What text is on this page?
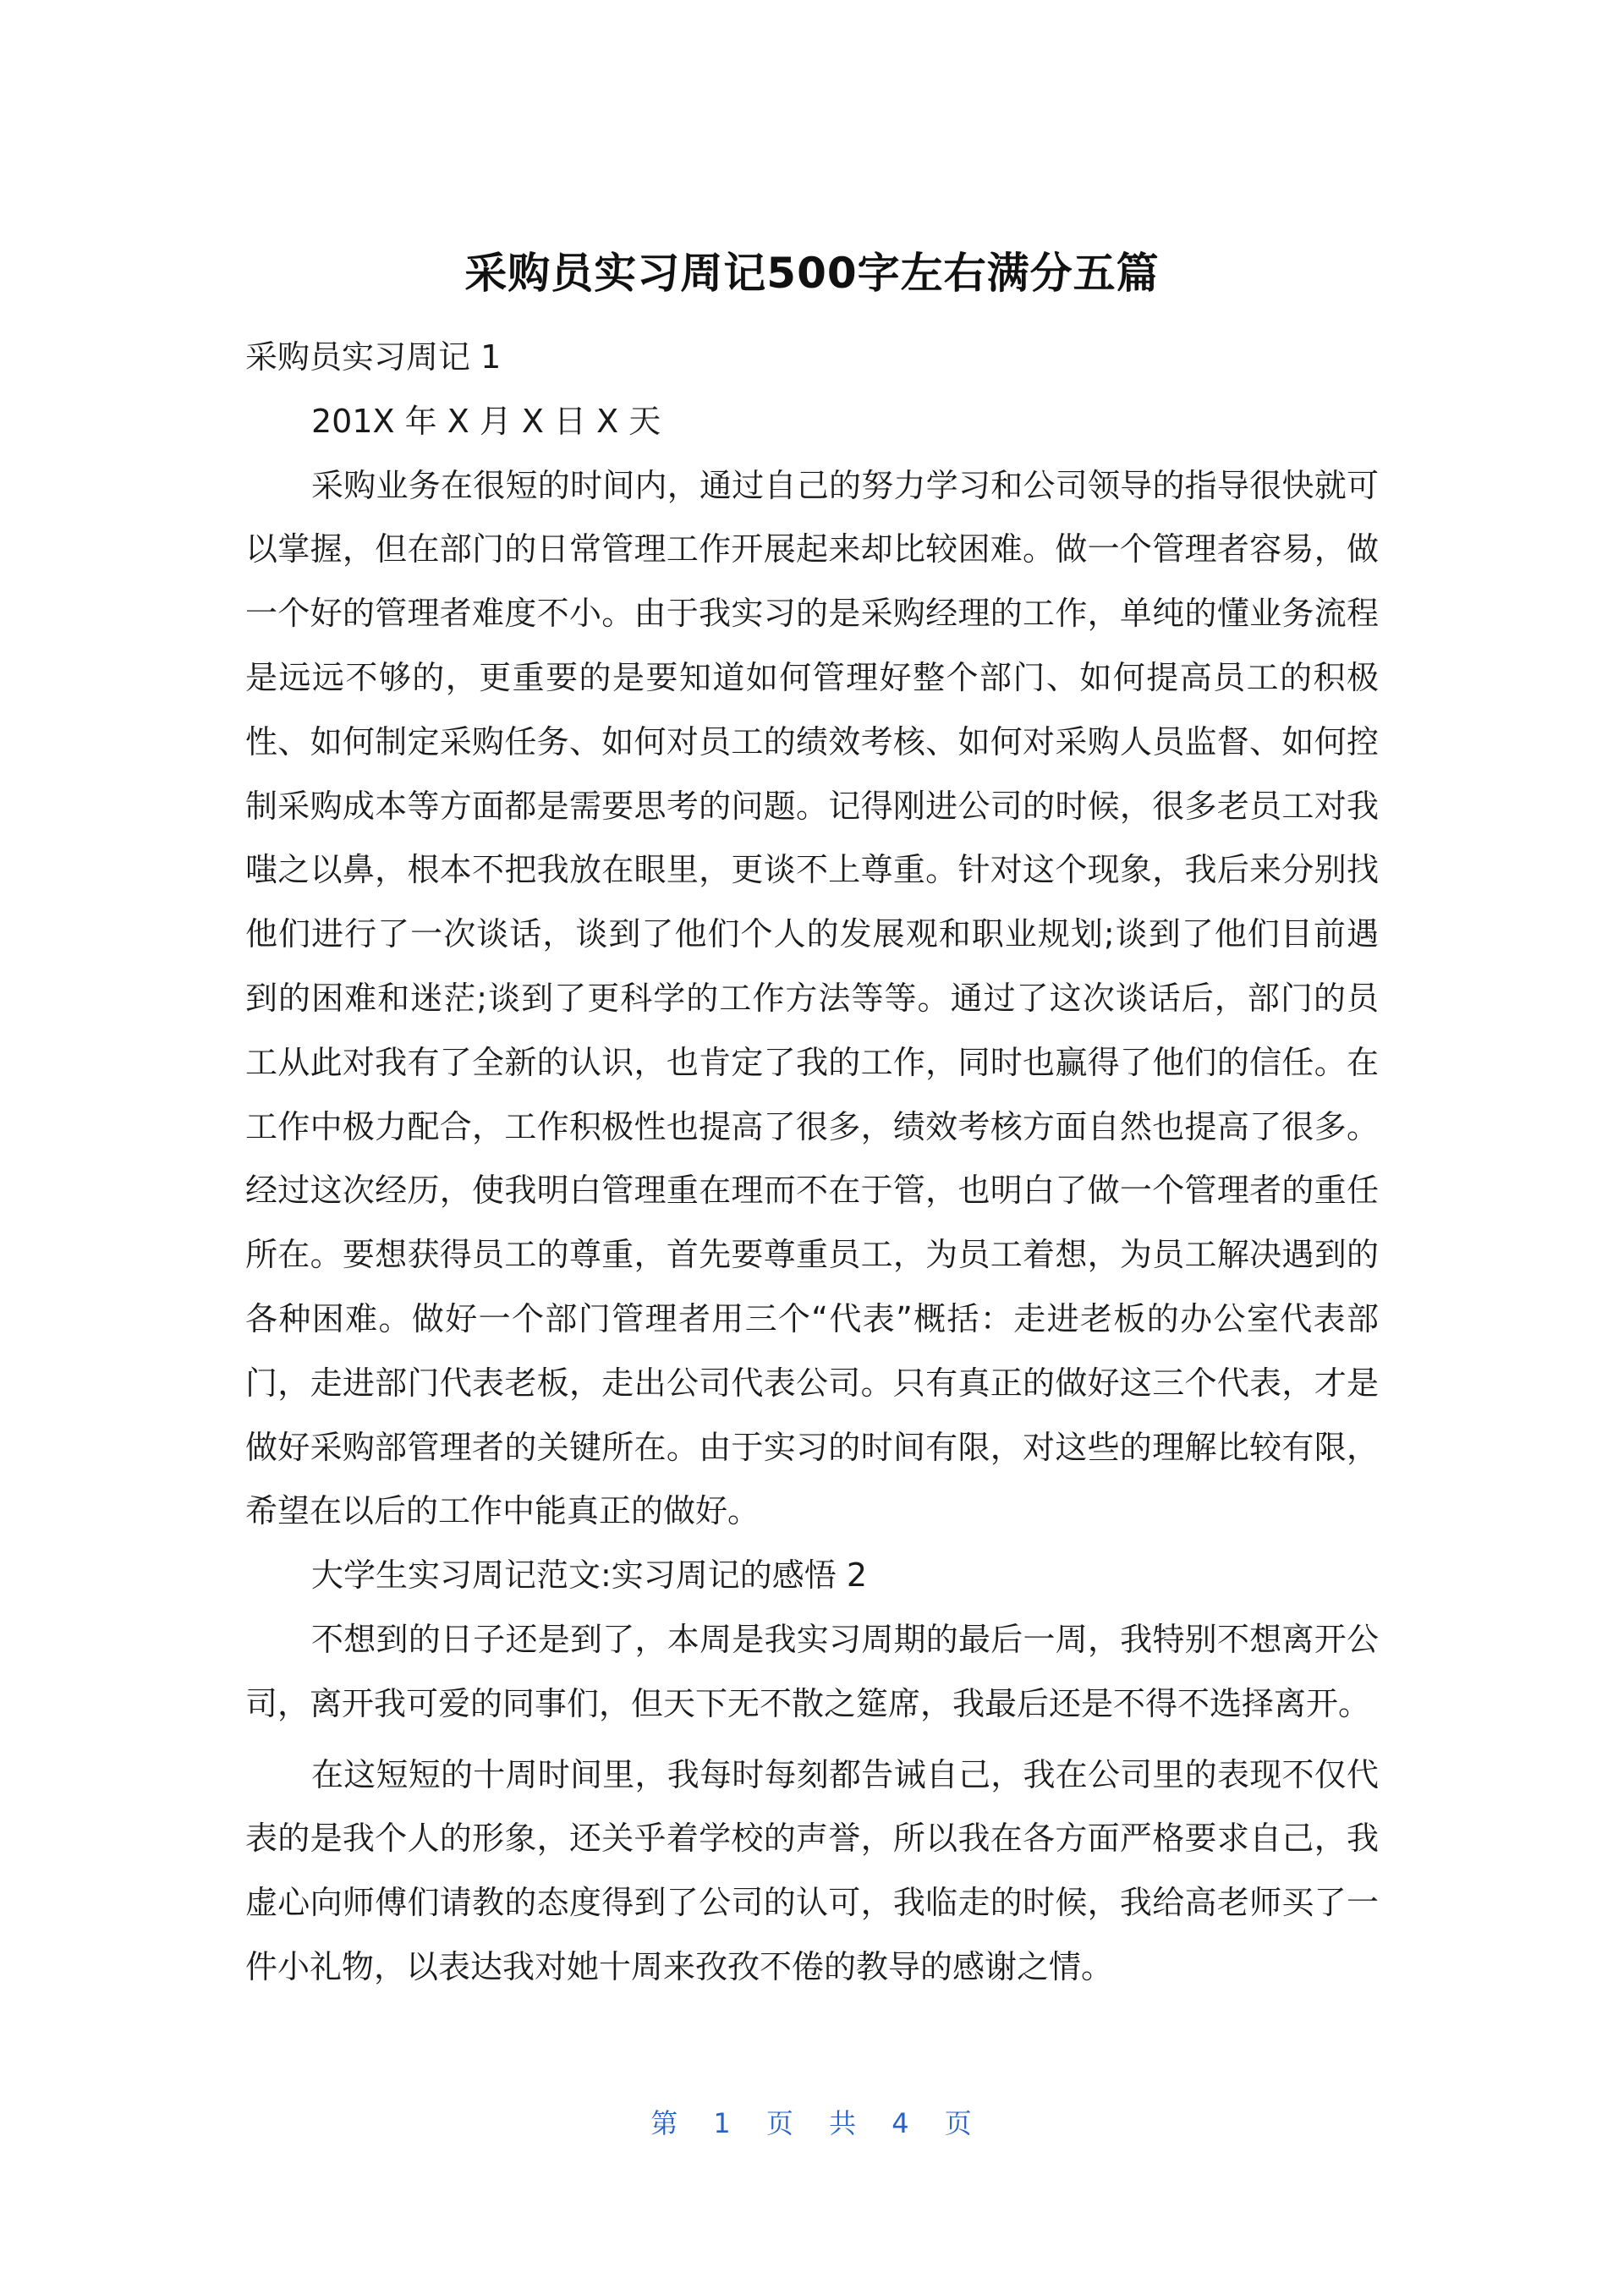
采购员实习周记500字左右满分五篇

采购员实习周记 1

201X 年 X 月 X 日 X 天

采购业务在很短的时间内，通过自己的努力学习和公司领导的指导很快就可以掌握，但在部门的日常管理工作开展起来却比较困难。做一个管理者容易，做一个好的管理者难度不小。由于我实习的是采购经理的工作，单纯的懂业务流程是远远不够的，更重要的是要知道如何管理好整个部门、如何提高员工的积极性、如何制定采购任务、如何对员工的绩效考核、如何对采购人员监督、如何控制采购成本等方面都是需要思考的问题。记得刚进公司的时候，很多老员工对我嗤之以鼻，根本不把我放在眼里，更谈不上尊重。针对这个现象，我后来分别找他们进行了一次谈话，谈到了他们个人的发展观和职业规划;谈到了他们目前遇到的困难和迷茫;谈到了更科学的工作方法等等。通过了这次谈话后，部门的员工从此对我有了全新的认识，也肯定了我的工作，同时也赢得了他们的信任。在工作中极力配合，工作积极性也提高了很多，绩效考核方面自然也提高了很多。经过这次经历，使我明白管理重在理而不在于管，也明白了做一个管理者的重任所在。要想获得员工的尊重，首先要尊重员工，为员工着想，为员工解决遇到的各种困难。做好一个部门管理者用三个“代表”概括：走进老板的办公室代表部门，走进部门代表老板，走出公司代表公司。只有真正的做好这三个代表，才是做好采购部管理者的关键所在。由于实习的时间有限，对这些的理解比较有限，希望在以后的工作中能真正的做好。

大学生实习周记范文:实习周记的感悟 2

不想到的日子还是到了，本周是我实习周期的最后一周，我特别不想离开公司，离开我可爱的同事们，但天下无不散之筵席，我最后还是不得不选择离开。

在这短短的十周时间里，我每时每刻都告诫自己，我在公司里的表现不仅代表的是我个人的形象，还关乎着学校的声誉，所以我在各方面严格要求自己，我虚心向师傅们请教的态度得到了公司的认可，我临走的时候，我给高老师买了一件小礼物，以表达我对她十周来孜孜不倦的教导的感谢之情。

第 1 页 共 4 页
